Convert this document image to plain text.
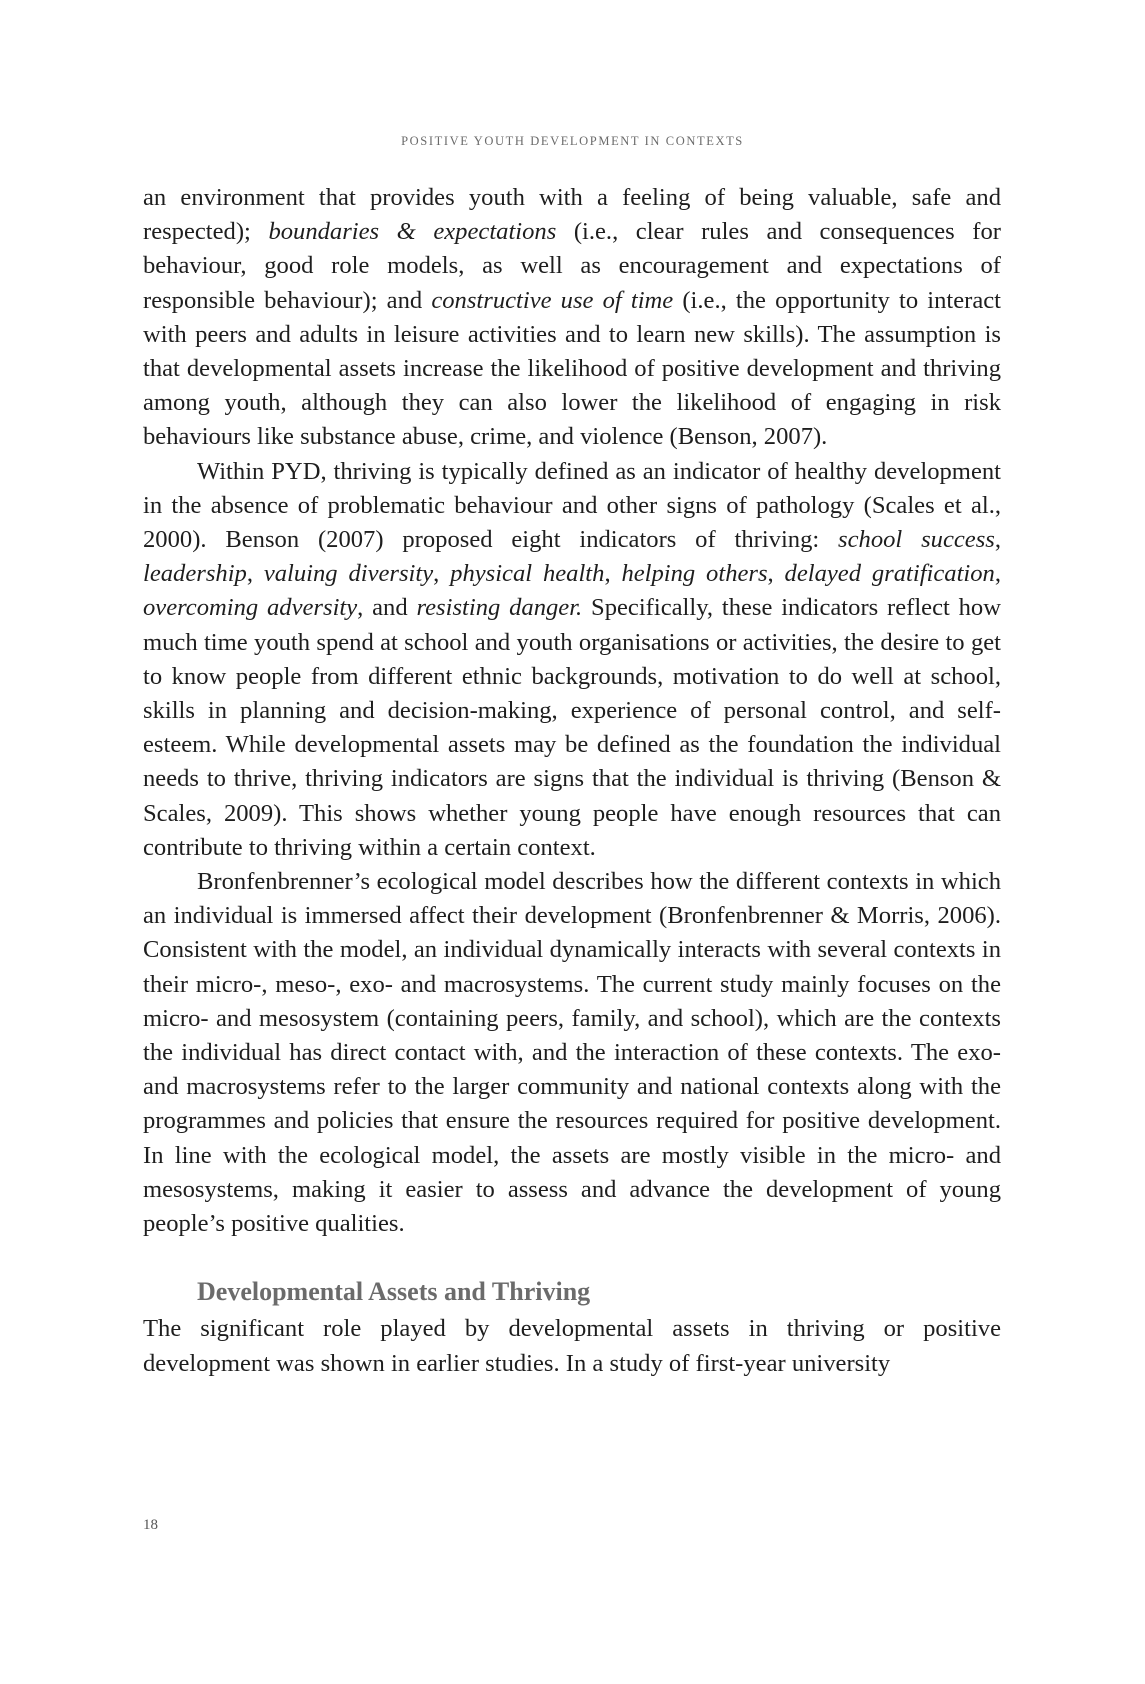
POSITIVE YOUTH DEVELOPMENT IN CONTEXTS

an environment that provides youth with a feeling of being valuable, safe and respected); boundaries & expectations (i.e., clear rules and consequences for behaviour, good role models, as well as encouragement and expectations of responsible behaviour); and constructive use of time (i.e., the opportunity to interact with peers and adults in leisure activities and to learn new skills). The assumption is that developmental assets increase the likelihood of positive development and thriving among youth, although they can also lower the likelihood of engaging in risk behaviours like substance abuse, crime, and violence (Benson, 2007).

Within PYD, thriving is typically defined as an indicator of healthy development in the absence of problematic behaviour and other signs of pathology (Scales et al., 2000). Benson (2007) proposed eight indicators of thriving: school success, leadership, valuing diversity, physical health, helping others, delayed gratification, overcoming adversity, and resisting danger. Specifically, these indicators reflect how much time youth spend at school and youth organisations or activities, the desire to get to know people from different ethnic backgrounds, motivation to do well at school, skills in planning and decision-making, experience of personal control, and self-esteem. While developmental assets may be defined as the foundation the individual needs to thrive, thriving indicators are signs that the individual is thriving (Benson & Scales, 2009). This shows whether young people have enough resources that can contribute to thriving within a certain context.

Bronfenbrenner’s ecological model describes how the different contexts in which an individual is immersed affect their development (Bronfenbrenner & Morris, 2006). Consistent with the model, an individual dynamically interacts with several contexts in their micro-, meso-, exo- and macrosystems. The current study mainly focuses on the micro- and mesosystem (containing peers, family, and school), which are the contexts the individual has direct contact with, and the interaction of these contexts. The exo- and macrosystems refer to the larger community and national contexts along with the programmes and policies that ensure the resources required for positive development. In line with the ecological model, the assets are mostly visible in the micro- and mesosystems, making it easier to assess and advance the development of young people’s positive qualities.

Developmental Assets and Thriving

The significant role played by developmental assets in thriving or positive development was shown in earlier studies. In a study of first-year university

18
